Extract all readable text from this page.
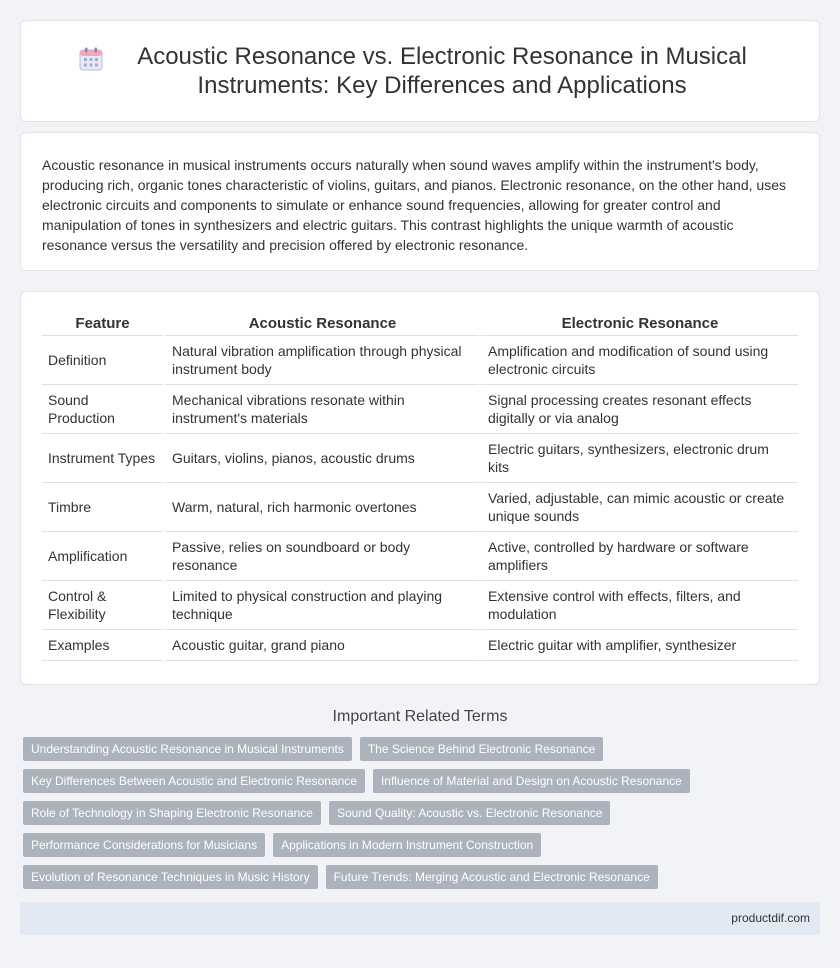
Acoustic Resonance vs. Electronic Resonance in Musical Instruments: Key Differences and Applications

Acoustic resonance in musical instruments occurs naturally when sound waves amplify within the instrument's body, producing rich, organic tones characteristic of violins, guitars, and pianos. Electronic resonance, on the other hand, uses electronic circuits and components to simulate or enhance sound frequencies, allowing for greater control and manipulation of tones in synthesizers and electric guitars. This contrast highlights the unique warmth of acoustic resonance versus the versatility and precision offered by electronic resonance.

Feature	Acoustic Resonance	Electronic Resonance
Definition	Natural vibration amplification through physical instrument body	Amplification and modification of sound using electronic circuits
Sound Production	Mechanical vibrations resonate within instrument's materials	Signal processing creates resonant effects digitally or via analog
Instrument Types	Guitars, violins, pianos, acoustic drums	Electric guitars, synthesizers, electronic drum kits
Timbre	Warm, natural, rich harmonic overtones	Varied, adjustable, can mimic acoustic or create unique sounds
Amplification	Passive, relies on soundboard or body resonance	Active, controlled by hardware or software amplifiers
Control & Flexibility	Limited to physical construction and playing technique	Extensive control with effects, filters, and modulation
Examples	Acoustic guitar, grand piano	Electric guitar with amplifier, synthesizer
Important Related Terms
Understanding Acoustic Resonance in Musical Instruments	The Science Behind Electronic Resonance
Key Differences Between Acoustic and Electronic Resonance	Influence of Material and Design on Acoustic Resonance
Role of Technology in Shaping Electronic Resonance	Sound Quality: Acoustic vs. Electronic Resonance
Performance Considerations for Musicians	Applications in Modern Instrument Construction
Evolution of Resonance Techniques in Music History	Future Trends: Merging Acoustic and Electronic Resonance
productdif.com
